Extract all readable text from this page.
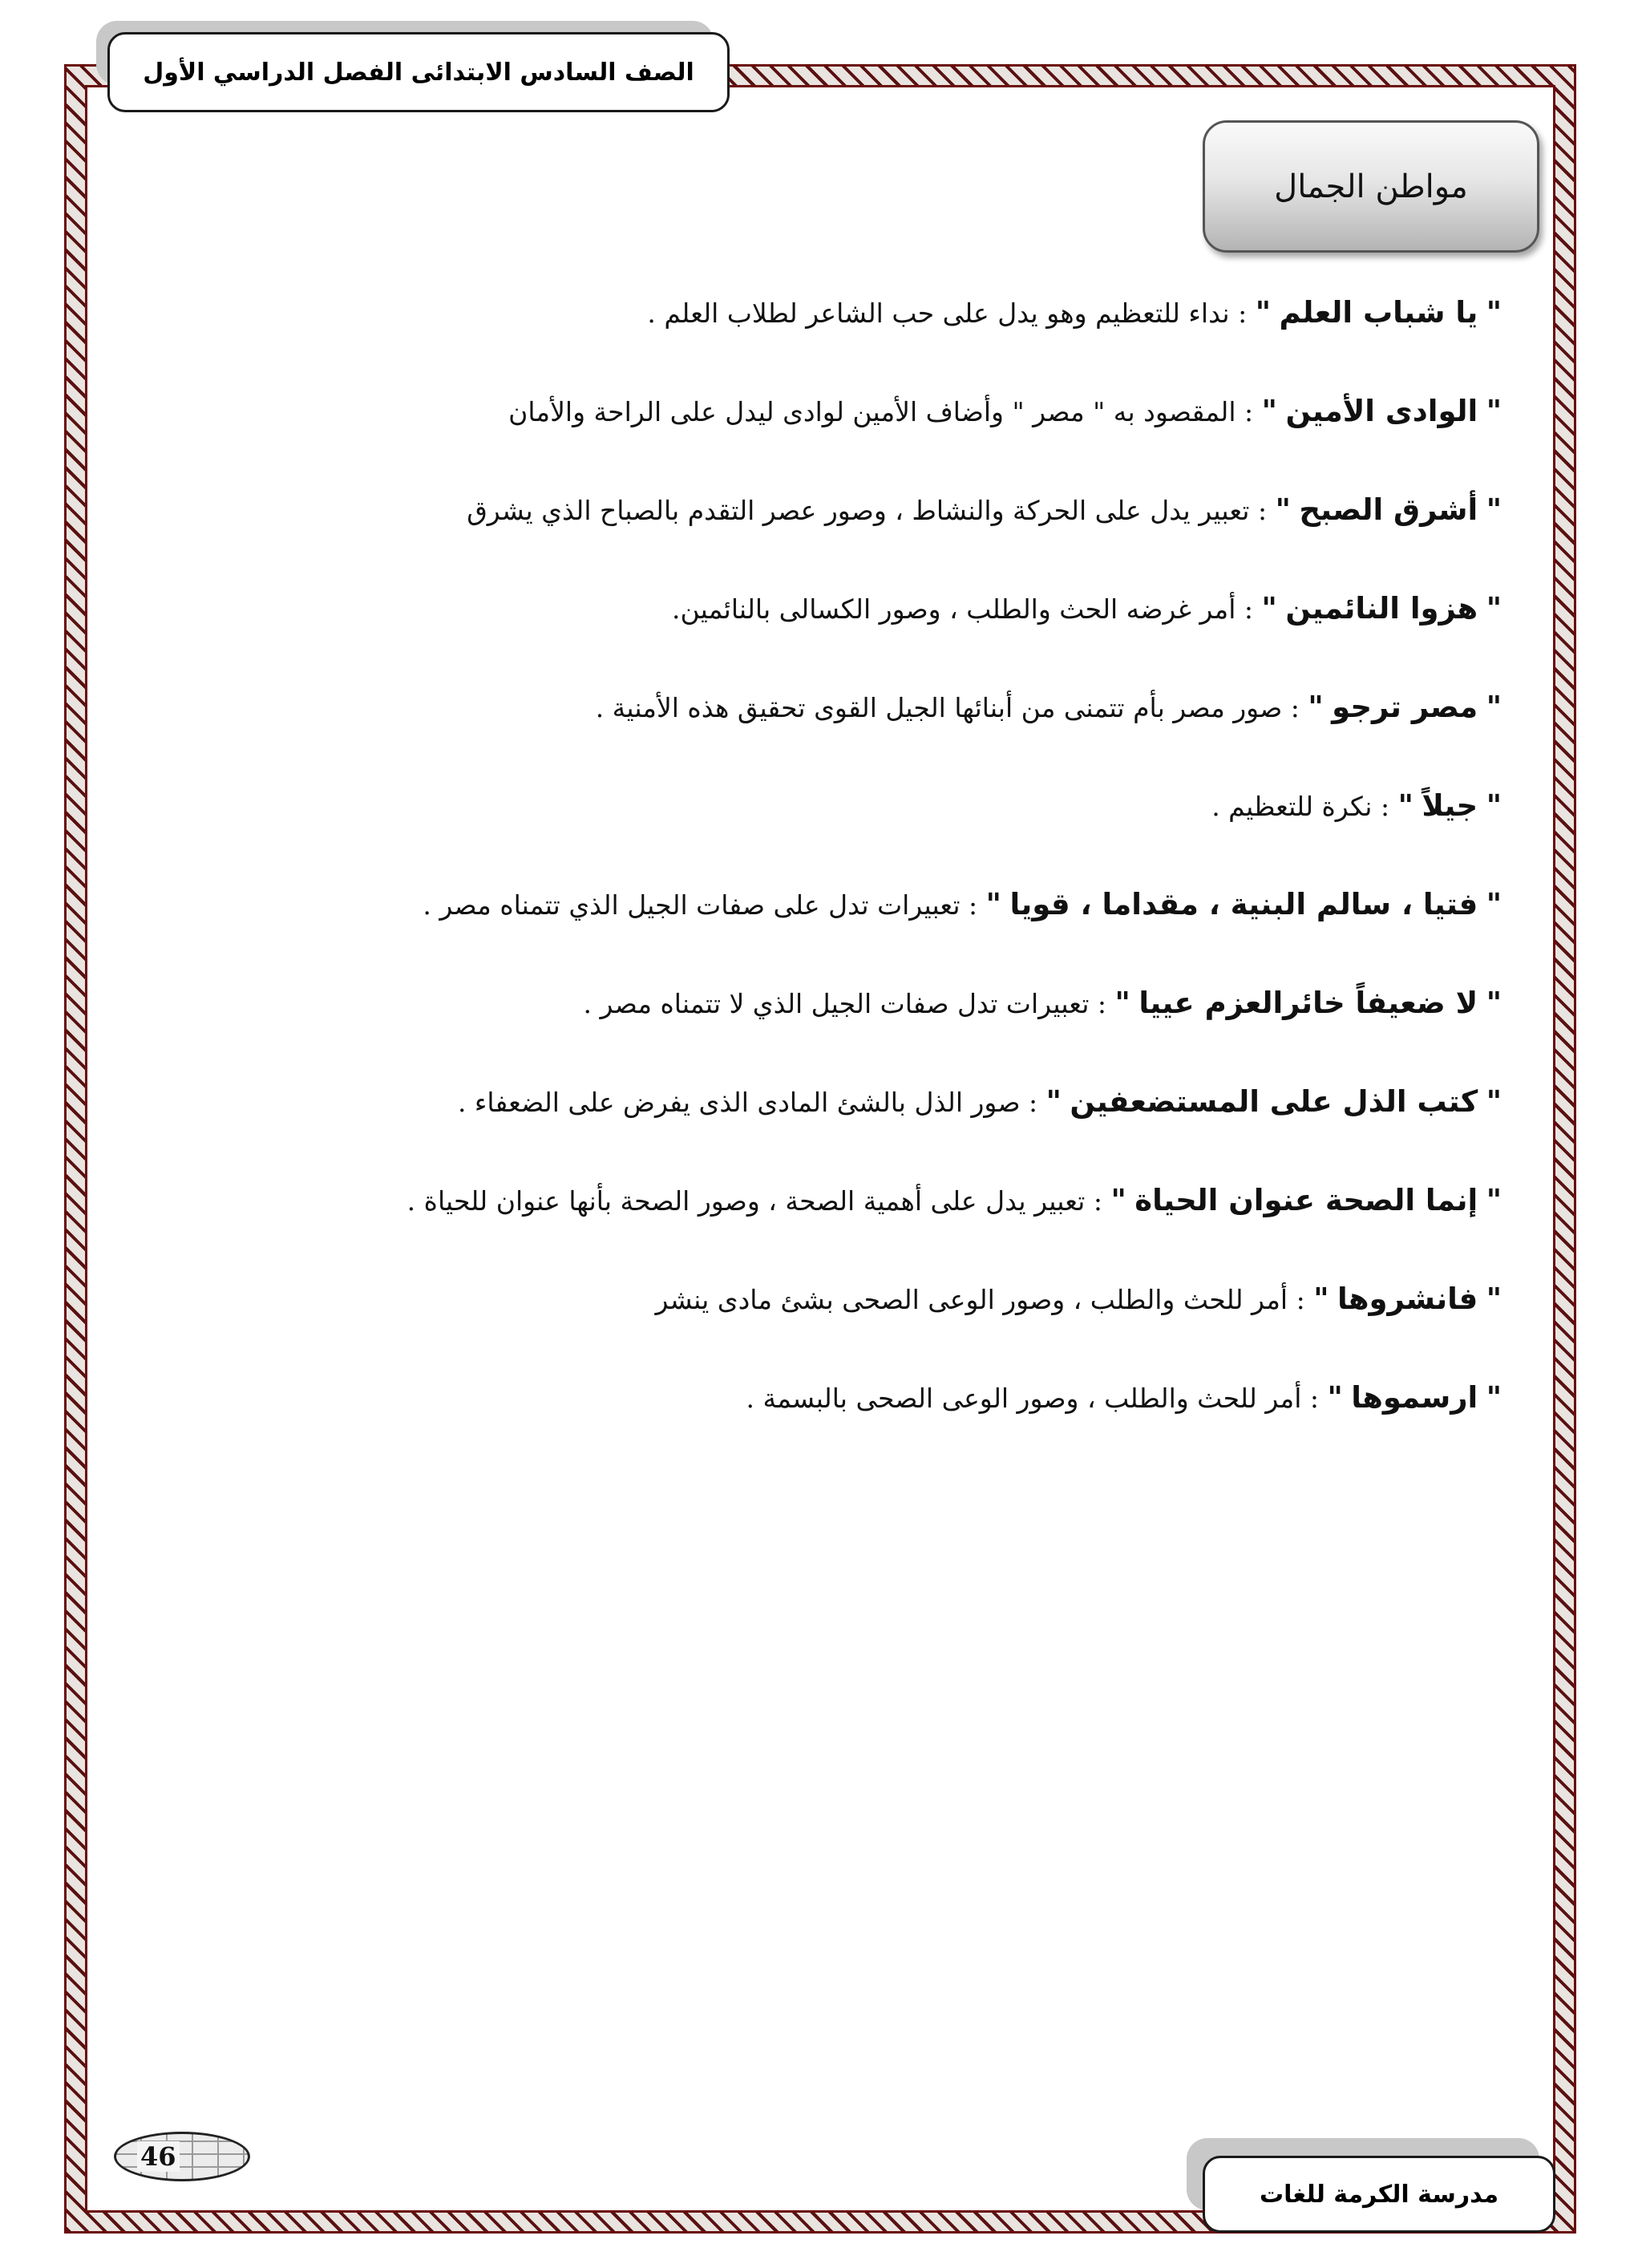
الصف السادس الابتدائى الفصل الدراسي الأول
مواطن الجمال
" يا شباب العلم " : نداء للتعظيم وهو يدل على حب الشاعر لطلاب العلم .
" الوادى الأمين " : المقصود به " مصر " وأضاف الأمين لوادى ليدل على الراحة والأمان
" أشرق الصبح " : تعبير يدل على الحركة والنشاط ، وصور عصر التقدم بالصباح الذي يشرق
" هزوا النائمين " : أمر غرضه الحث والطلب ، وصور الكسالى بالنائمين.
" مصر ترجو " : صور مصر بأم تتمنى من أبنائها الجيل القوى تحقيق هذه الأمنية .
" جيلاً " : نكرة للتعظيم .
" فتيا ، سالم البنية ، مقداما ، قويا " : تعبيرات تدل على صفات الجيل الذي تتمناه مصر .
" لا ضعيفاً خائرالعزم عييا " : تعبيرات تدل صفات الجيل الذي لا تتمناه مصر .
" كتب الذل على المستضعفين " : صور الذل بالشئ المادى الذى يفرض على الضعفاء .
" إنما الصحة عنوان الحياة " : تعبير يدل على أهمية الصحة ، وصور الصحة بأنها عنوان للحياة .
" فانشروها " : أمر للحث والطلب ، وصور الوعى الصحى بشئ مادى ينشر
" ارسموها " : أمر للحث والطلب ، وصور الوعى الصحى بالبسمة .
46
مدرسة الكرمة للغات
